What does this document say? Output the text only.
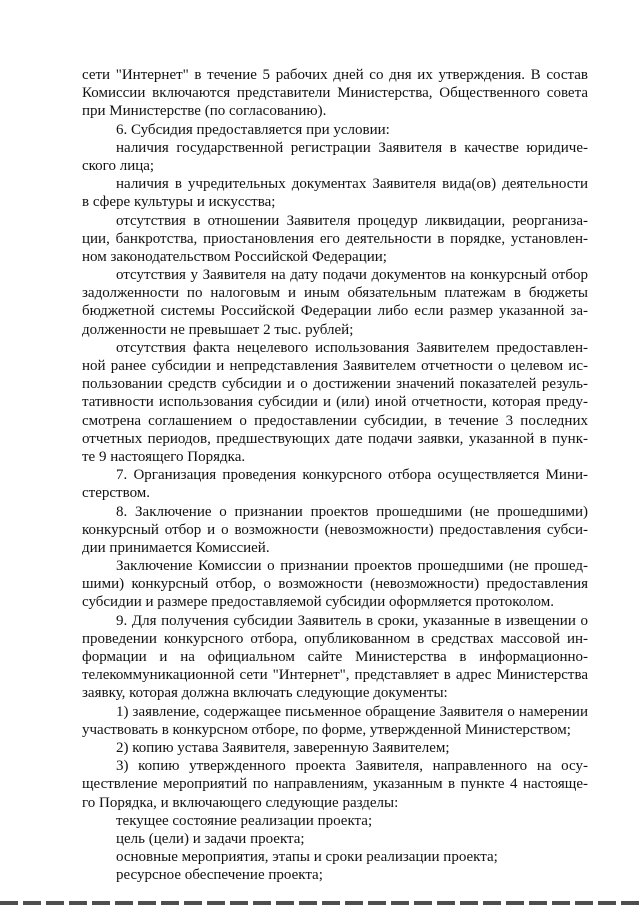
сети "Интернет" в течение 5 рабочих дней со дня их утверждения. В состав
Комиссии включаются представители Министерства, Общественного совета
при Министерстве (по согласованию).
6. Субсидия предоставляется при условии:
наличия государственной регистрации Заявителя в качестве юридиче-
ского лица;
наличия в учредительных документах Заявителя вида(ов) деятельности
в сфере культуры и искусства;
отсутствия в отношении Заявителя процедур ликвидации, реорганиза-
ции, банкротства, приостановления его деятельности в порядке, установлен-
ном законодательством Российской Федерации;
отсутствия у Заявителя на дату подачи документов на конкурсный отбор
задолженности по налоговым и иным обязательным платежам в бюджеты
бюджетной системы Российской Федерации либо если размер указанной за-
долженности не превышает 2 тыс. рублей;
отсутствия факта нецелевого использования Заявителем предоставлен-
ной ранее субсидии и непредставления Заявителем отчетности о целевом ис-
пользовании средств субсидии и о достижении значений показателей резуль-
тативности использования субсидии и (или) иной отчетности, которая преду-
смотрена соглашением о предоставлении субсидии, в течение 3 последних
отчетных периодов, предшествующих дате подачи заявки, указанной в пунк-
те 9 настоящего Порядка.
7. Организация проведения конкурсного отбора осуществляется Мини-
стерством.
8. Заключение о признании проектов прошедшими (не прошедшими)
конкурсный отбор и о возможности (невозможности) предоставления субси-
дии принимается Комиссией.
Заключение Комиссии о признании проектов прошедшими (не прошед-
шими) конкурсный отбор, о возможности (невозможности) предоставления
субсидии и размере предоставляемой субсидии оформляется протоколом.
9. Для получения субсидии Заявитель в сроки, указанные в извещении о
проведении конкурсного отбора, опубликованном в средствах массовой ин-
формации и на официальном сайте Министерства в информационно-
телекоммуникационной сети "Интернет", представляет в адрес Министерства
заявку, которая должна включать следующие документы:
1) заявление, содержащее письменное обращение Заявителя о намерении
участвовать в конкурсном отборе, по форме, утвержденной Министерством;
2) копию устава Заявителя, заверенную Заявителем;
3) копию утвержденного проекта Заявителя, направленного на осу-
ществление мероприятий по направлениям, указанным в пункте 4 настояще-
го Порядка, и включающего следующие разделы:
текущее состояние реализации проекта;
цель (цели) и задачи проекта;
основные мероприятия, этапы и сроки реализации проекта;
ресурсное обеспечение проекта;
